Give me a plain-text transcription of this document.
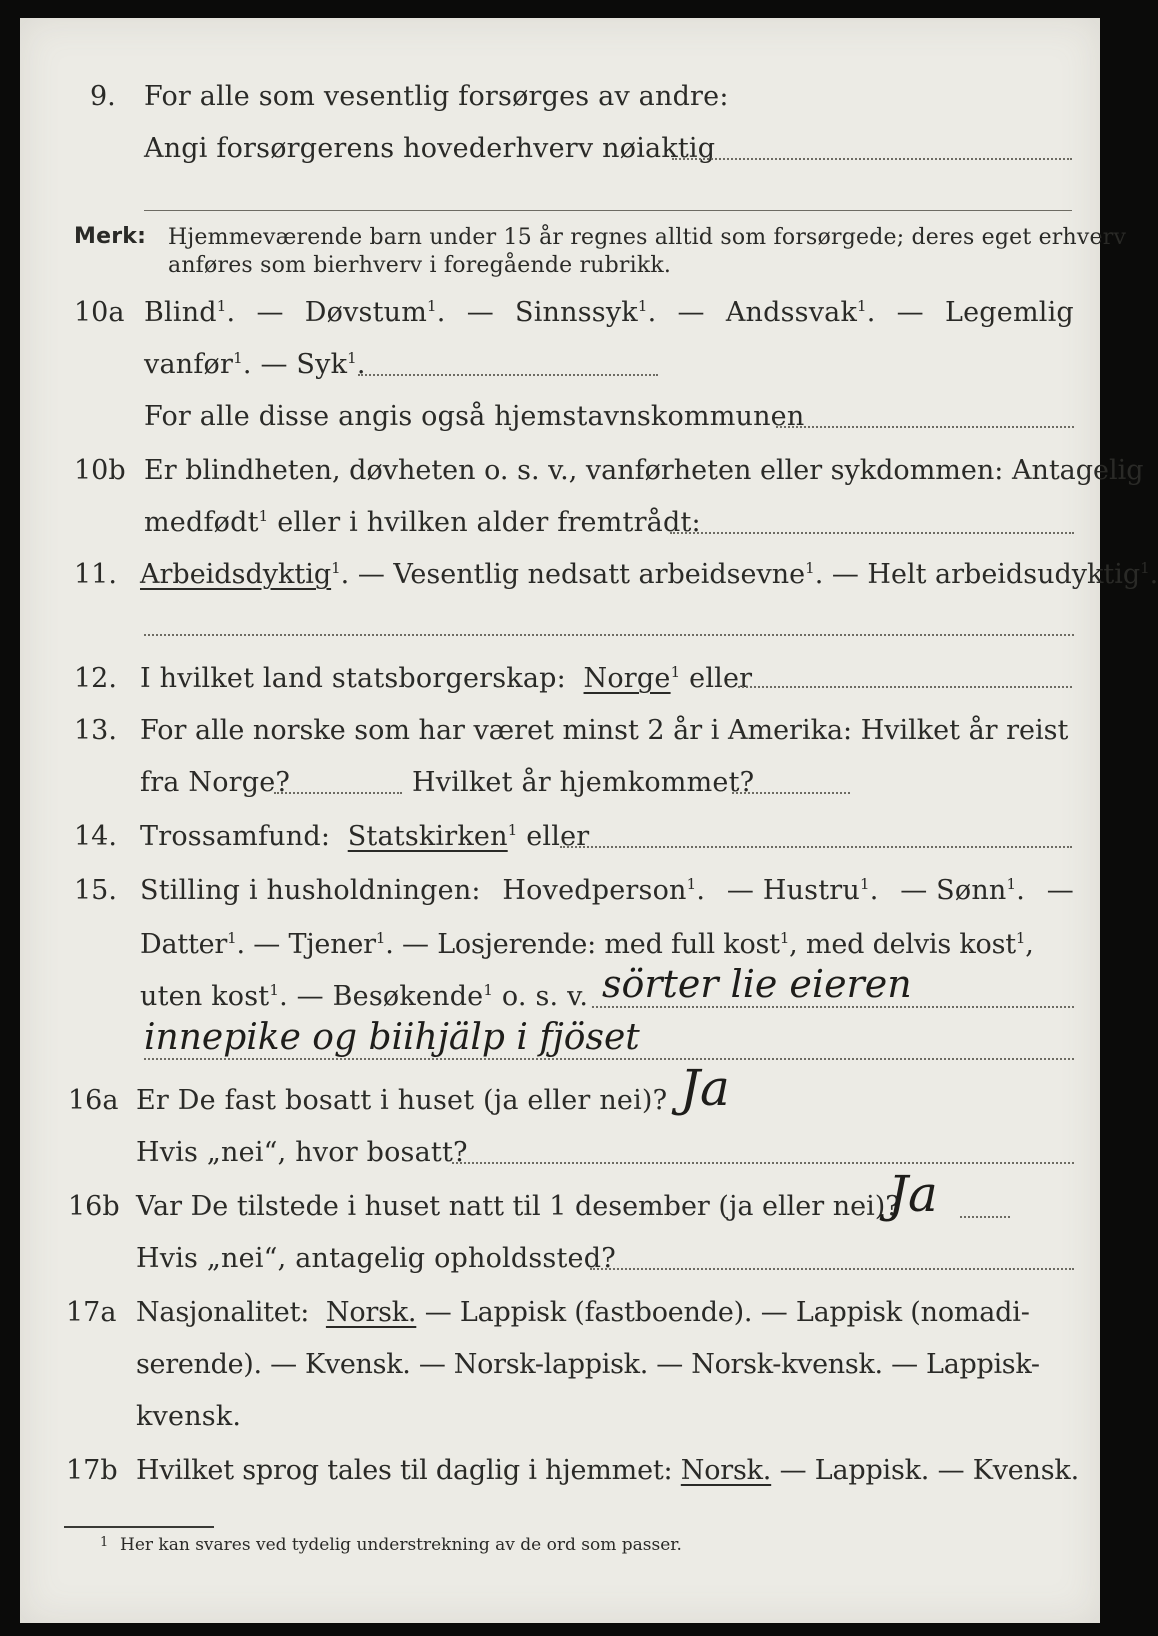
9. For alle som vesentlig forsørges av andre:
Angi forsørgerens hovederhverv nøiaktig
Merk: Hjemmeværende barn under 15 år regnes alltid som forsørgede; deres eget erhverv
anføres som bierhverv i foregående rubrikk.
10a Blind$^1$. — Døvstum$^1$. — Sinnssyk$^1$. — Andssvak$^1$. — Legemlig
vanfør$^1$. — Syk$^1$.
For alle disse angis også hjemstavnskommunen
10b Er blindheten, døvheten o. s. v., vanførheten eller sykdommen: Antagelig
medfødt$^1$ eller i hvilken alder fremtrådt:
11. Arbeidsdyktig$^1$. — Vesentlig nedsatt arbeidsevne$^1$. — Helt arbeidsudyktig$^1$.
12. I hvilket land statsborgerskap: Norge$^1$ eller
13. For alle norske som har været minst 2 år i Amerika: Hvilket år reist
fra Norge?	Hvilket år hjemkommet?
14. Trossamfund: Statskirken$^1$ eller
15. Stilling i husholdningen: Hovedperson$^1$. — Hustru$^1$. — Sønn$^1$. —
Datter$^1$. — Tjener$^1$. — Losjerende: med full kost$^1$, med delvis kost$^1$,
uten kost$^1$. — Besøkende$^1$ o. s. v. sörter lie eieren
innepike og biihjälp i fjöset
16a Er De fast bosatt i huset (ja eller nei)? Ja
Hvis „nei“, hvor bosatt?
16b Var De tilstede i huset natt til 1 desember (ja eller nei)?
Ja
Hvis „nei“, antagelig opholdssted?
17a Nasjonalitet: Norsk. — Lappisk (fastboende). — Lappisk (nomadi-
serende). — Kvensk. — Norsk-lappisk. — Norsk-kvensk. — Lappisk-
kvensk.
17b Hvilket sprog tales til daglig i hjemmet: Norsk. — Lappisk. — Kvensk.
1 Her kan svares ved tydelig understrekning av de ord som passer.
